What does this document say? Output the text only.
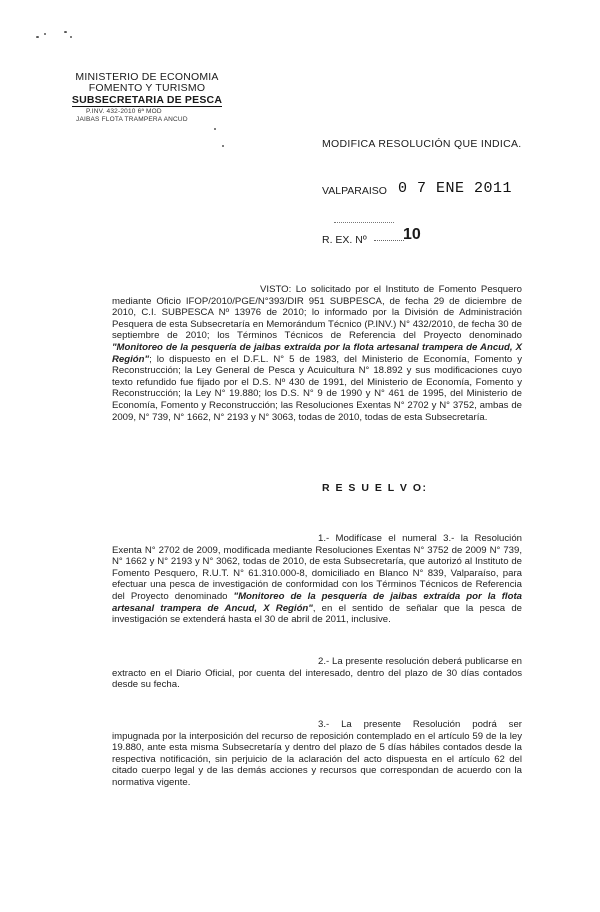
MINISTERIO DE ECONOMIA
FOMENTO Y TURISMO
SUBSECRETARIA DE PESCA
P.INV. 432-2010 6ª MOD
JAIBAS FLOTA TRAMPERA ANCUD
MODIFICA RESOLUCIÓN QUE INDICA.
VALPARAISO 0 7 ENE 2011
R. EX. Nº 10
VISTO: Lo solicitado por el Instituto de Fomento Pesquero mediante Oficio IFOP/2010/PGE/N°393/DIR 951 SUBPESCA, de fecha 29 de diciembre de 2010, C.I. SUBPESCA Nº 13976 de 2010; lo informado por la División de Administración Pesquera de esta Subsecretaría en Memorándum Técnico (P.INV.) N° 432/2010, de fecha 30 de septiembre de 2010; los Términos Técnicos de Referencia del Proyecto denominado "Monitoreo de la pesquería de jaibas extraída por la flota artesanal trampera de Ancud, X Región"; lo dispuesto en el D.F.L. N° 5 de 1983, del Ministerio de Economía, Fomento y Reconstrucción; la Ley General de Pesca y Acuicultura N° 18.892 y sus modificaciones cuyo texto refundido fue fijado por el D.S. Nº 430 de 1991, del Ministerio de Economía, Fomento y Reconstrucción; la Ley N° 19.880; los D.S. N° 9 de 1990 y N° 461 de 1995, del Ministerio de Economía, Fomento y Reconstrucción; las Resoluciones Exentas N° 2702 y N° 3752, ambas de 2009, N° 739, N° 1662, N° 2193 y N° 3063, todas de 2010, todas de esta Subsecretaría.
R E S U E L V O:
1.- Modifícase el numeral 3.- la Resolución Exenta N° 2702 de 2009, modificada mediante Resoluciones Exentas N° 3752 de 2009 N° 739, N° 1662 y N° 2193 y N° 3062, todas de 2010, de esta Subsecretaría, que autorizó al Instituto de Fomento Pesquero, R.U.T. N° 61.310.000-8, domiciliado en Blanco N° 839, Valparaíso, para efectuar una pesca de investigación de conformidad con los Términos Técnicos de Referencia del Proyecto denominado "Monitoreo de la pesquería de jaibas extraída por la flota artesanal trampera de Ancud, X Región", en el sentido de señalar que la pesca de investigación se extenderá hasta el 30 de abril de 2011, inclusive.
2.- La presente resolución deberá publicarse en extracto en el Diario Oficial, por cuenta del interesado, dentro del plazo de 30 días contados desde su fecha.
3.- La presente Resolución podrá ser impugnada por la interposición del recurso de reposición contemplado en el artículo 59 de la ley 19.880, ante esta misma Subsecretaría y dentro del plazo de 5 días hábiles contados desde la respectiva notificación, sin perjuicio de la aclaración del acto dispuesta en el artículo 62 del citado cuerpo legal y de las demás acciones y recursos que correspondan de acuerdo con la normativa vigente.
